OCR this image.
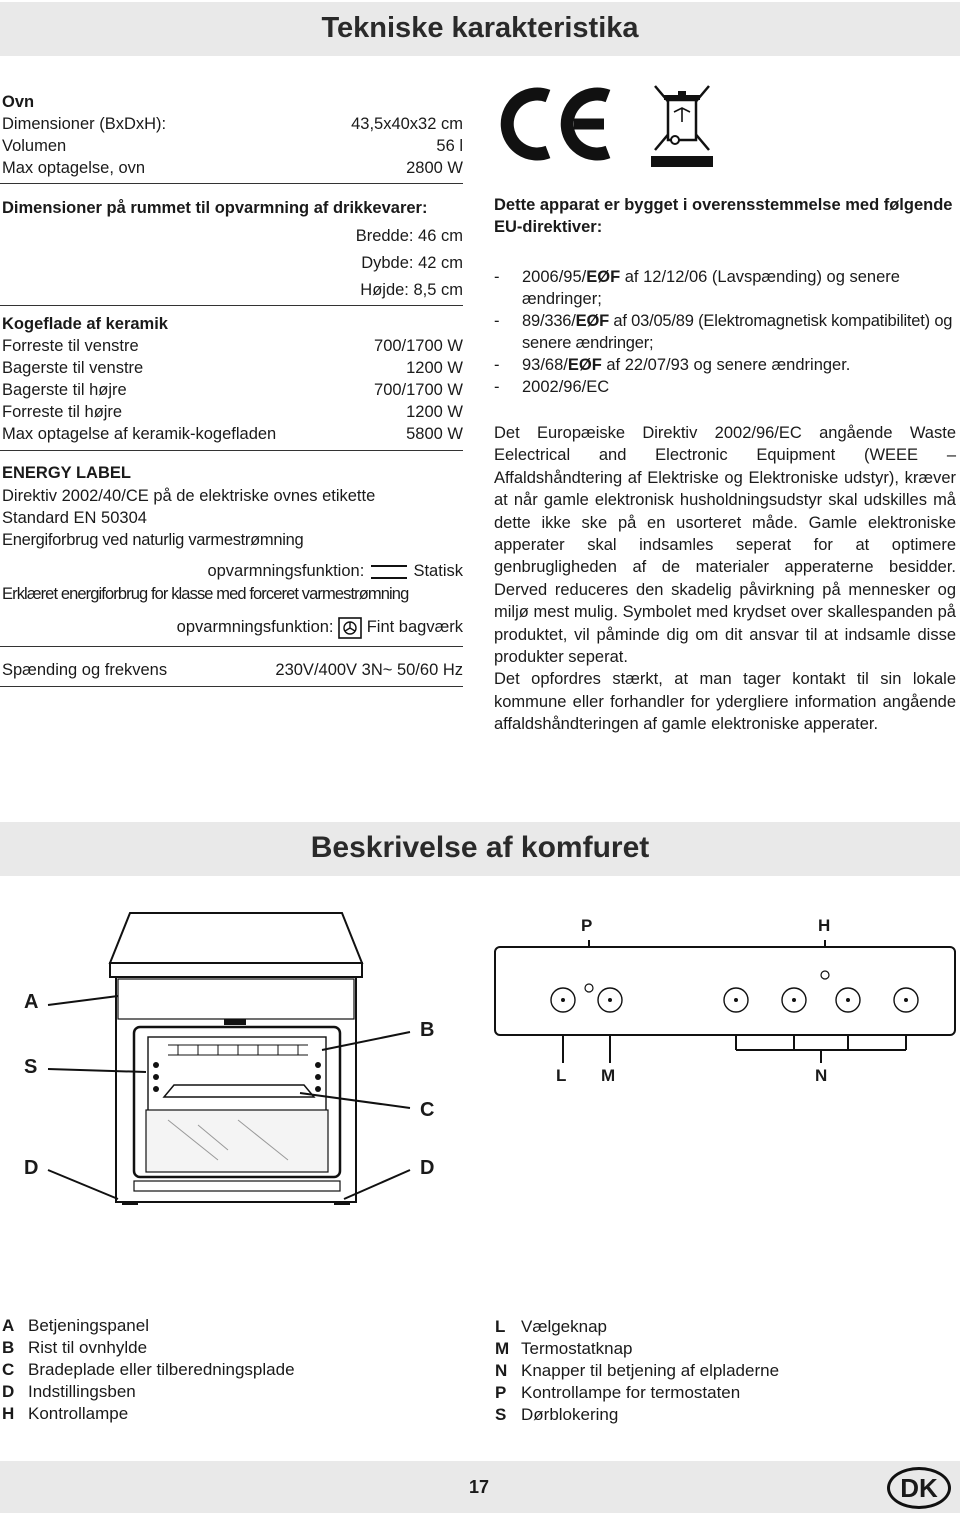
Tekniske karakteristika
Ovn
Dimensioner (BxDxH):	43,5x40x32 cm
Volumen	56 l
Max optagelse, ovn	2800 W
Dimensioner på rummet til opvarmning af drikkevarer:
Bredde: 46 cm
Dybde: 42 cm
Højde: 8,5 cm
Kogeflade af keramik
Forreste til venstre	700/1700 W
Bagerste til venstre	1200 W
Bagerste til højre	700/1700 W
Forreste til højre	1200 W
Max optagelse af keramik-kogefladen	5800 W
ENERGY LABEL
Direktiv 2002/40/CE på de elektriske ovnes etikette
Standard EN 50304
Energiforbrug ved naturlig varmestrømning
opvarmningsfunktion:	Statisk
Erklæret energiforbrug for klasse med forceret varmestrømning
opvarmningsfunktion: Fint bagværk
Spænding og frekvens	230V/400V 3N~ 50/60 Hz
Dette apparat er bygget i overensstemmelse med følgende EU-direktiver:
- 2006/95/EØF af 12/12/06 (Lavspænding) og senere ændringer;
- 89/336/EØF af 03/05/89 (Elektromagnetisk kompatibilitet) og senere ændringer;
- 93/68/EØF af 22/07/93 og senere ændringer.
- 2002/96/EC

Det Europæiske Direktiv 2002/96/EC angående Waste Eelectrical and Electronic Equipment (WEEE – Affaldshåndtering af Elektriske og Elektroniske udstyr), kræver at når gamle elektronisk husholdningsudstyr skal udskilles må dette ikke ske på en usorteret måde. Gamle elektroniske apperater skal indsamles seperat for at optimere genbrugligheden af de materialer apperaterne besidder. Derved reduceres den skadelig påvirkning på mennesker og miljø mest mulig. Symbolet med krydset over skallespanden på produktet, vil påminde dig om dit ansvar til at indsamle disse produkter seperat.

Det opfordres stærkt, at man tager kontakt til sin lokale kommune eller forhandler for ydergliere information angående affaldshåndteringen af gamle elektroniske apperater.

Beskrivelse af komfuret
A
S
D
B
C
D
P	H
L M	N
A Betjeningspanel
B Rist til ovnhylde
C Bradeplade eller tilberedningsplade
D Indstillingsben
H Kontrollampe
L Vælgeknap
M Termostatknap
N Knapper til betjening af elpladerne
P Kontrollampe for termostaten
S Dørblokering
17	DK
